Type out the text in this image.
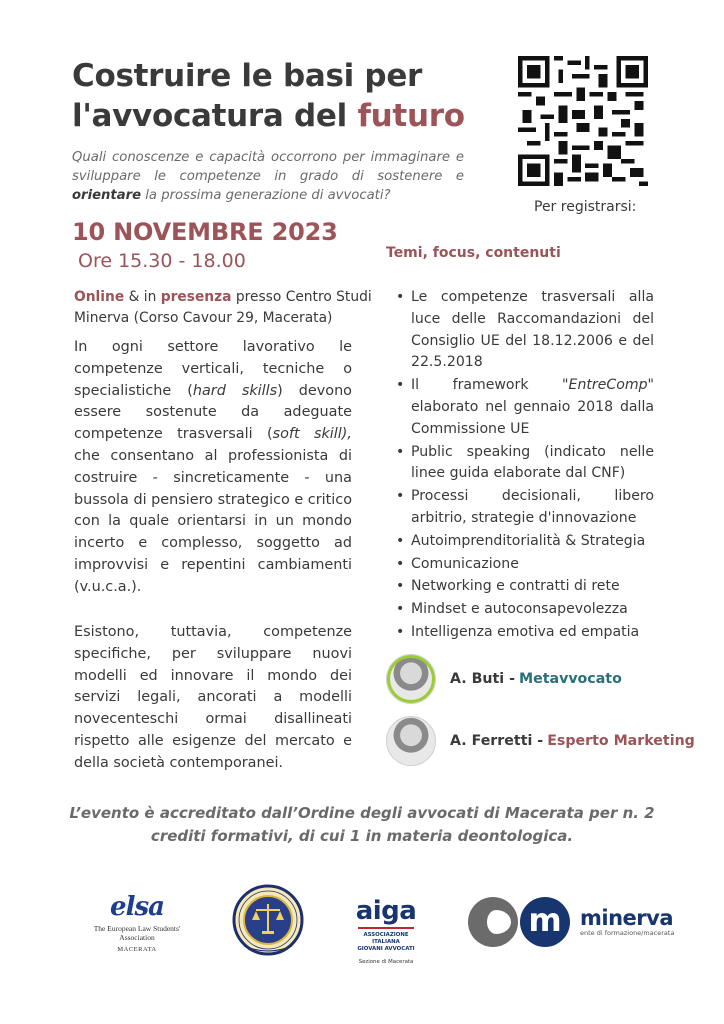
Costruire le basi per
l'avvocatura del futuro
Quali conoscenze e capacità occorrono per immaginare e sviluppare le competenze in grado di sostenere e orientare la prossima generazione di avvocati?
Per registrarsi:
10 NOVEMBRE 2023
Ore 15.30 - 18.00
Online & in presenza presso Centro Studi Minerva (Corso Cavour 29, Macerata)
In ogni settore lavorativo le competenze verticali, tecniche o specialistiche (hard skills) devono essere sostenute da adeguate competenze trasversali (soft skill), che consentano al professionista di costruire - sincreticamente - una bussola di pensiero strategico e critico con la quale orientarsi in un mondo incerto e complesso, soggetto ad improvvisi e repentini cambiamenti (v.u.c.a.).
Esistono, tuttavia, competenze specifiche, per sviluppare nuovi modelli ed innovare il mondo dei servizi legali, ancorati a modelli novecenteschi ormai disallineati rispetto alle esigenze del mercato e della società contemporanei.
Temi, focus, contenuti
• Le competenze trasversali alla luce delle Raccomandazioni del Consiglio UE del 18.12.2006 e del 22.5.2018
• Il framework "EntreComp" elaborato nel gennaio 2018 dalla Commissione UE
• Public speaking (indicato nelle linee guida elaborate dal CNF)
• Processi decisionali, libero arbitrio, strategie d'innovazione
• Autoimprenditorialità & Strategia
• Comunicazione
• Networking e contratti di rete
• Mindset e autoconsapevolezza
• Intelligenza emotiva ed empatia
A. Buti - Metavvocato
A. Ferretti - Esperto Marketing
L’evento è accreditato dall’Ordine degli avvocati di Macerata per n. 2 crediti formativi, di cui 1 in materia deontologica.
elsa
The European Law Students' Association
MACERATA
aiga
ASSOCIAZIONE ITALIANA
GIOVANI AVVOCATI
Sezione di Macerata
m minerva
ente di formazione/macerata
